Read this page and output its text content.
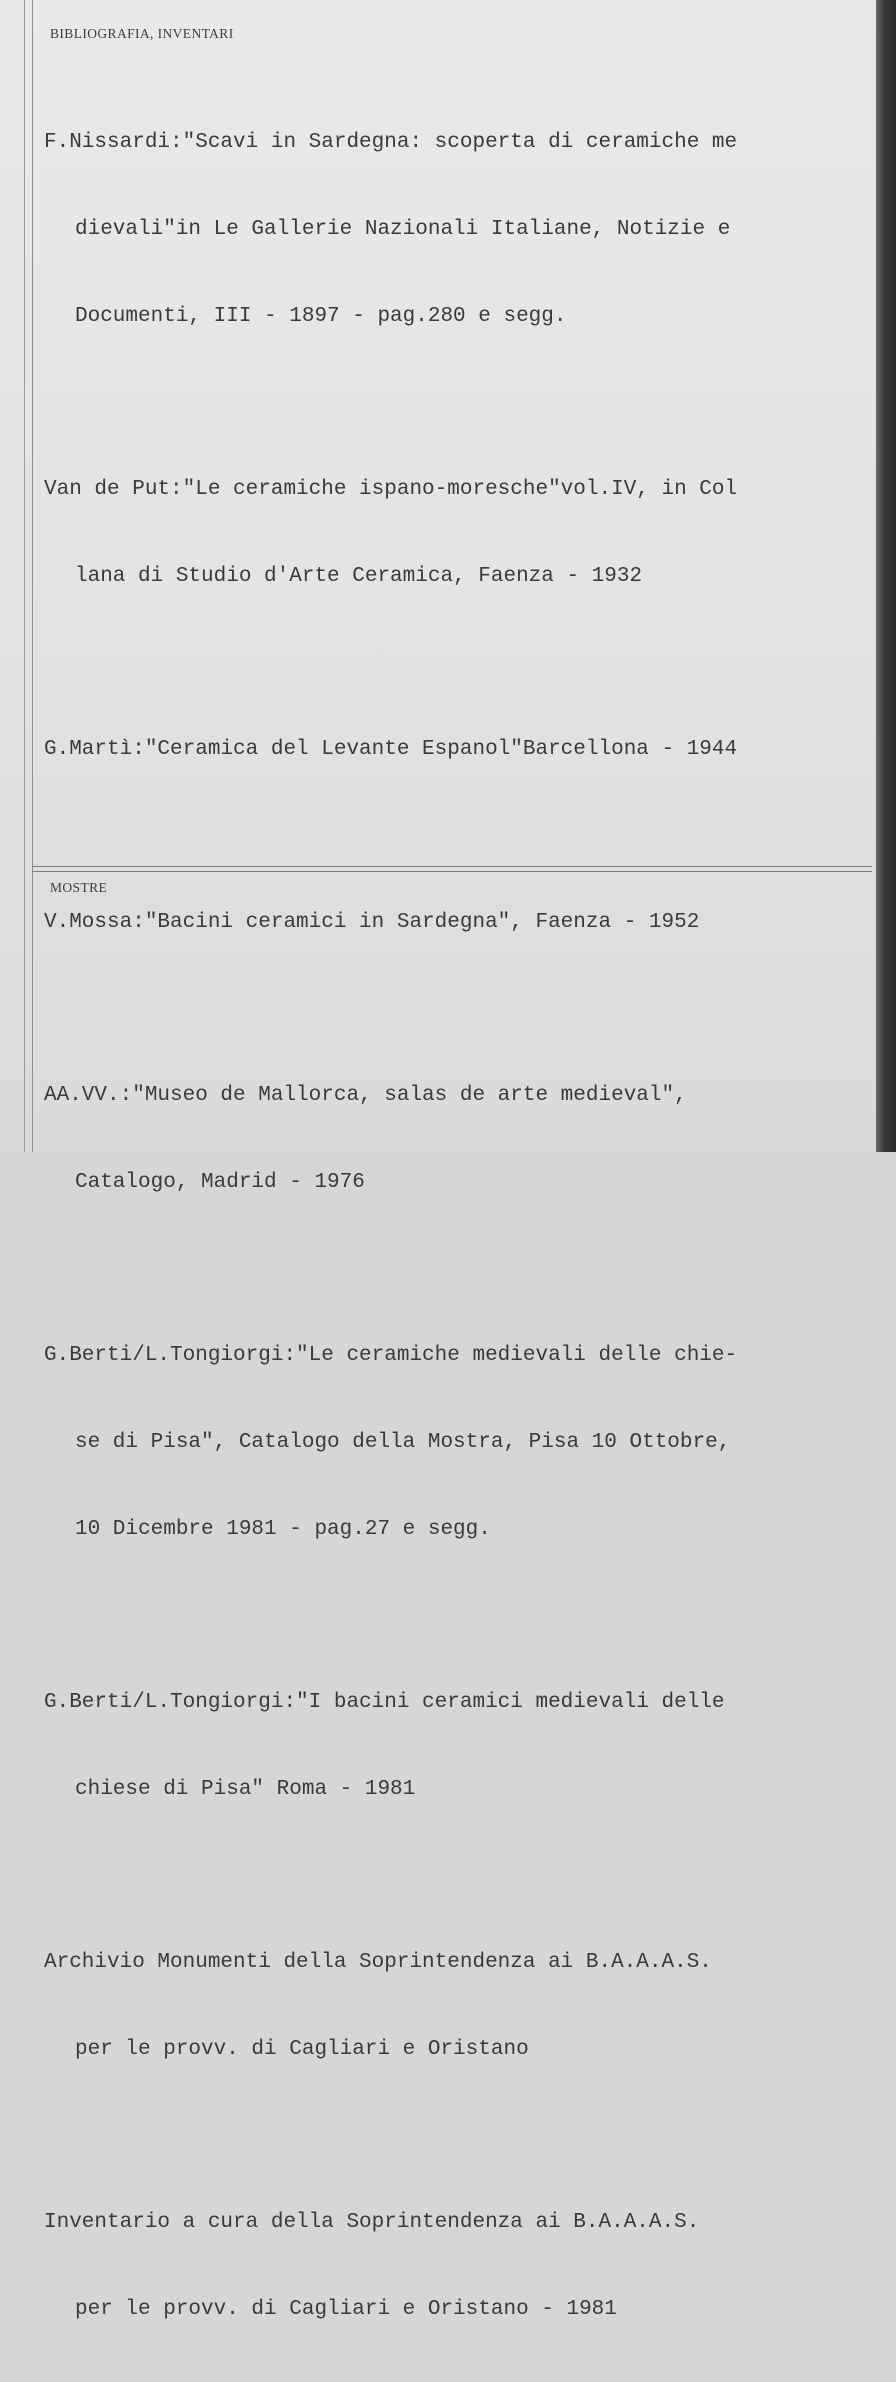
BIBLIOGRAFIA, INVENTARI

F.Nissardi:"Scavi in Sardegna: scoperta di ceramiche me

dievali"in Le Gallerie Nazionali Italiane, Notizie e

Documenti, III - 1897 - pag.280 e segg.

Van de Put:"Le ceramiche ispano-moresche"vol.IV, in Col

lana di Studio d'Arte Ceramica, Faenza - 1932

G.Martì:"Ceramica del Levante Espanol"Barcellona - 1944

V.Mossa:"Bacini ceramici in Sardegna", Faenza - 1952

AA.VV.:"Museo de Mallorca, salas de arte medieval",

Catalogo, Madrid - 1976

G.Berti/L.Tongiorgi:"Le ceramiche medievali delle chie-

se di Pisa", Catalogo della Mostra, Pisa 10 Ottobre,

10 Dicembre 1981 - pag.27 e segg.

G.Berti/L.Tongiorgi:"I bacini ceramici medievali delle

chiese di Pisa" Roma - 1981

Archivio Monumenti della Soprintendenza ai B.A.A.A.S.

per le provv. di Cagliari e Oristano

Inventario a cura della Soprintendenza ai B.A.A.A.S.

per le provv. di Cagliari e Oristano - 1981

MOSTRE
